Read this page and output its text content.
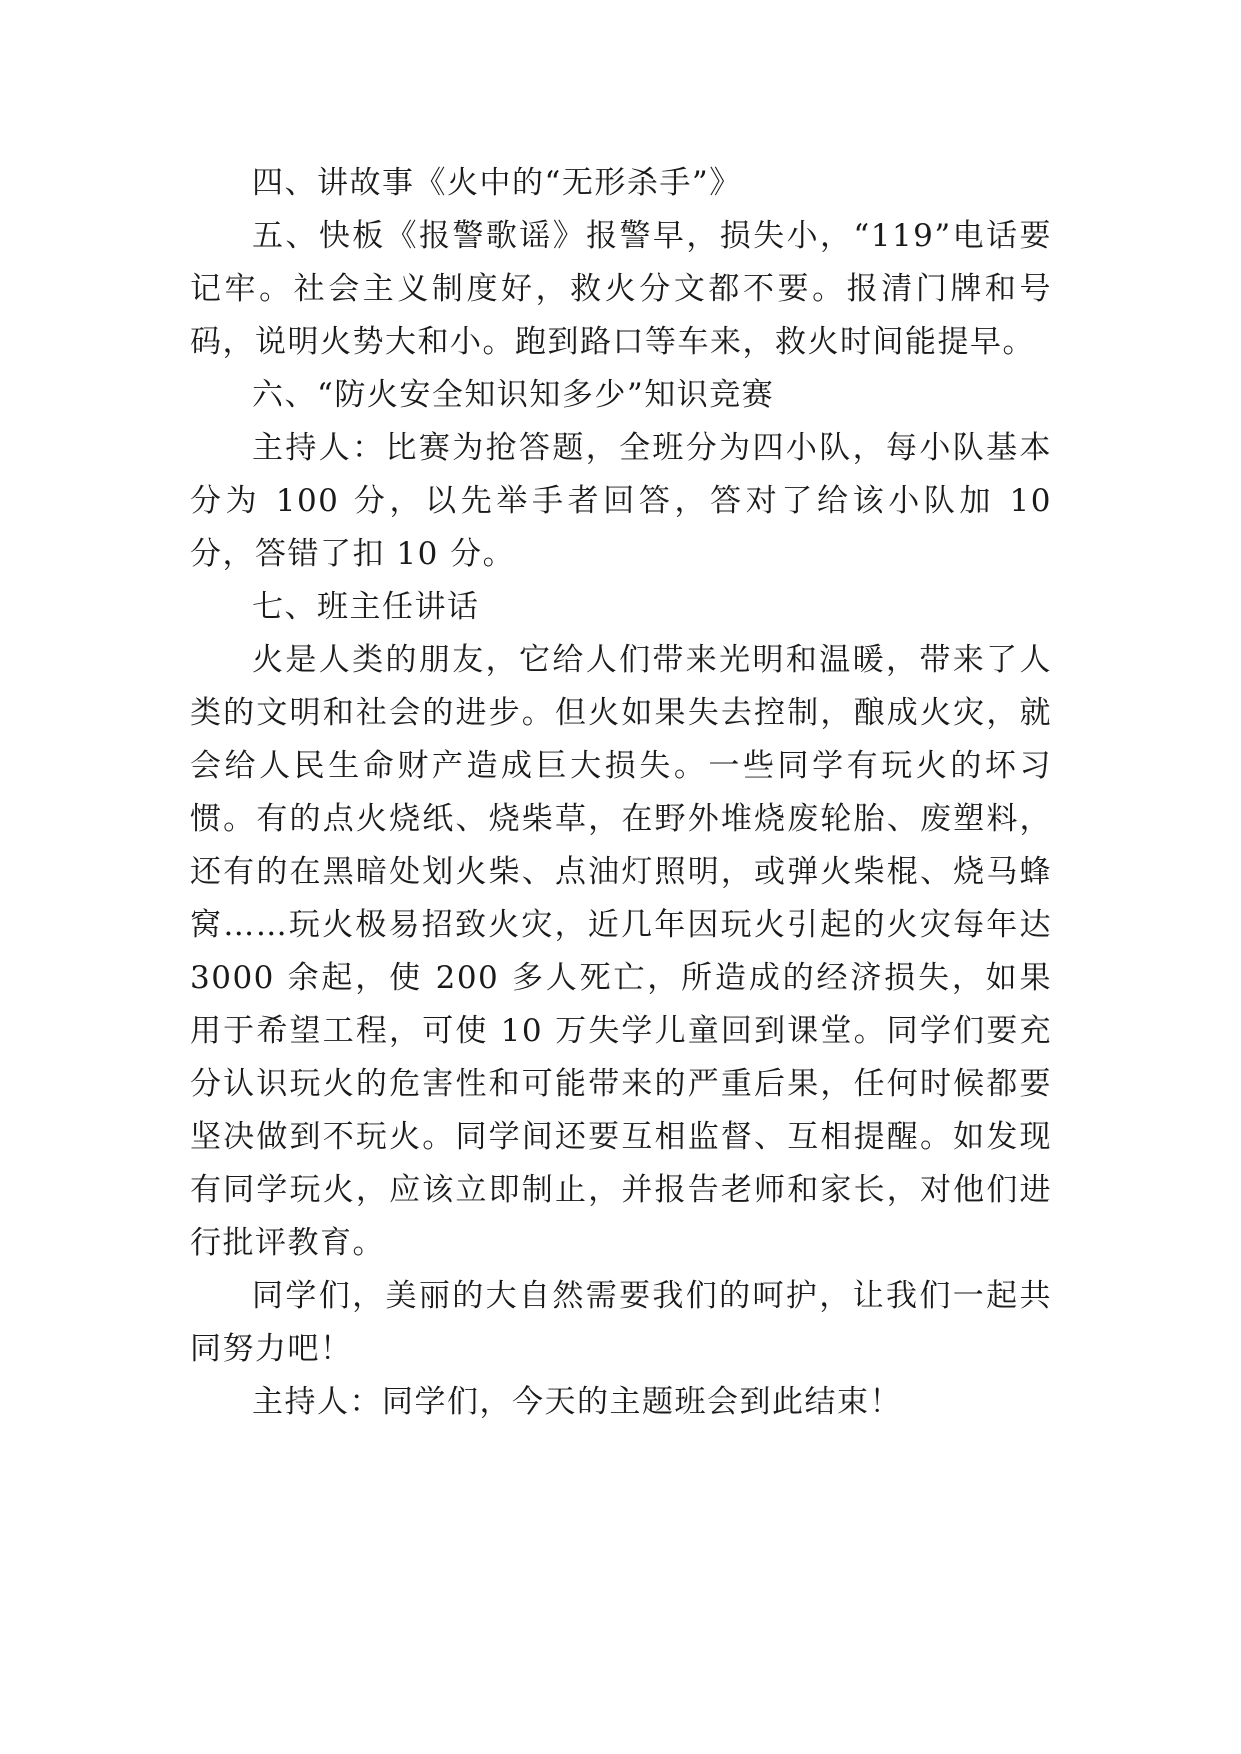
四、讲故事《火中的“无形杀手”》

五、快板《报警歌谣》报警早，损失小，“119”电话要记牢。社会主义制度好，救火分文都不要。报清门牌和号码，说明火势大和小。跑到路口等车来，救火时间能提早。

六、“防火安全知识知多少”知识竞赛

主持人：比赛为抢答题，全班分为四小队，每小队基本分为 100 分，以先举手者回答，答对了给该小队加 10 分，答错了扣 10 分。

七、班主任讲话

火是人类的朋友，它给人们带来光明和温暖，带来了人类的文明和社会的进步。但火如果失去控制，酿成火灾，就会给人民生命财产造成巨大损失。一些同学有玩火的坏习惯。有的点火烧纸、烧柴草，在野外堆烧废轮胎、废塑料，还有的在黑暗处划火柴、点油灯照明，或弹火柴棍、烧马蜂窝……玩火极易招致火灾，近几年因玩火引起的火灾每年达 3000 余起，使 200 多人死亡，所造成的经济损失，如果用于希望工程，可使 10 万失学儿童回到课堂。同学们要充分认识玩火的危害性和可能带来的严重后果，任何时候都要坚决做到不玩火。同学间还要互相监督、互相提醒。如发现有同学玩火，应该立即制止，并报告老师和家长，对他们进行批评教育。

同学们，美丽的大自然需要我们的呵护，让我们一起共同努力吧！

主持人：同学们，今天的主题班会到此结束！
